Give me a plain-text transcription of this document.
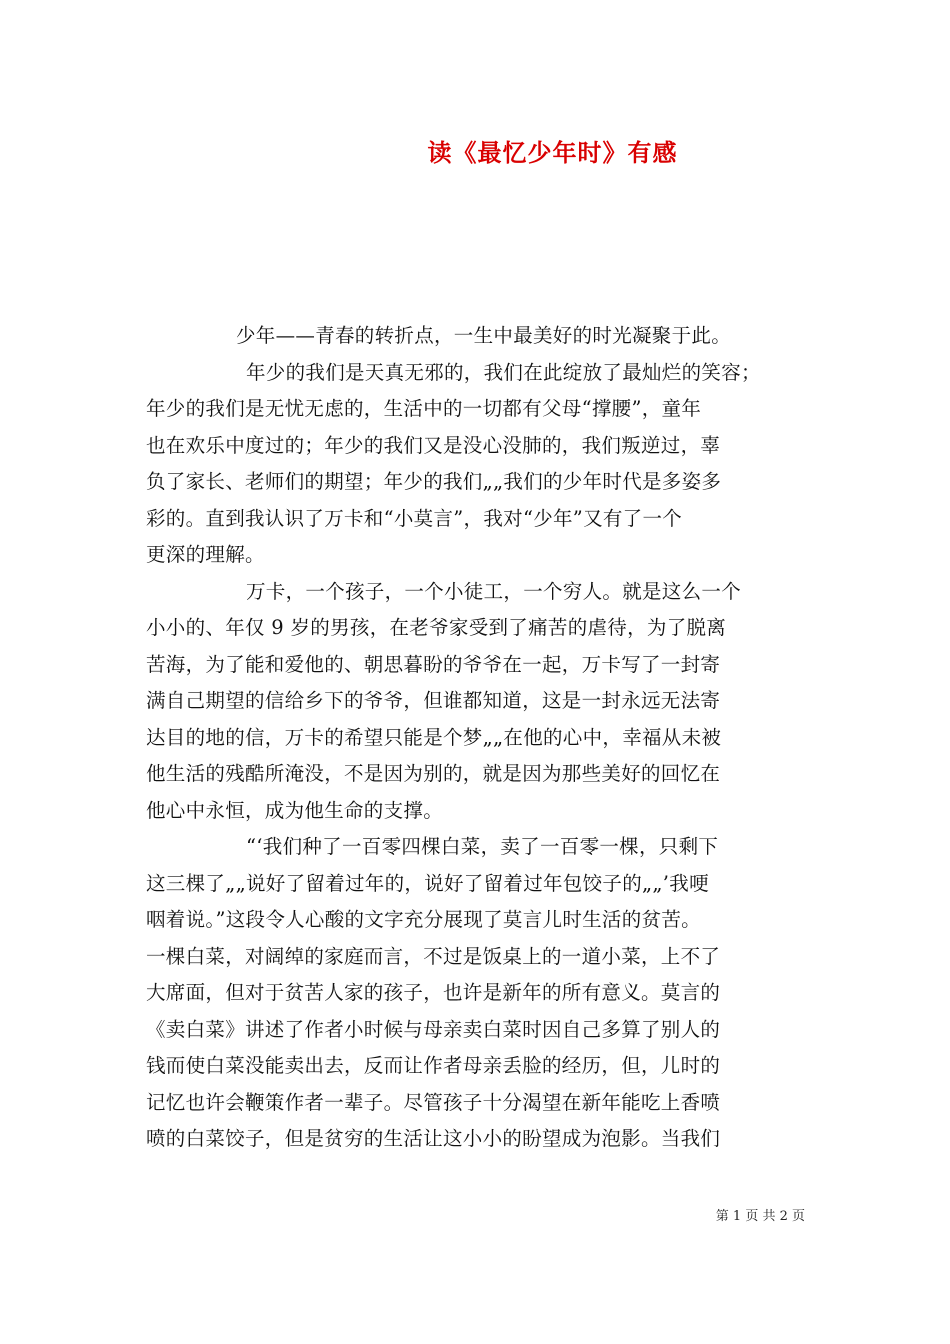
读《最忆少年时》有感
少年——青春的转折点，一生中最美好的时光凝聚于此。
年少的我们是天真无邪的，我们在此绽放了最灿烂的笑容；
年少的我们是无忧无虑的，生活中的一切都有父母“撑腰”，童年
也在欢乐中度过的；年少的我们又是没心没肺的，我们叛逆过，辜
负了家长、老师们的期望；年少的我们„„我们的少年时代是多姿多
彩的。直到我认识了万卡和“小莫言”，我对“少年”又有了一个
更深的理解。
万卡，一个孩子，一个小徒工，一个穷人。就是这么一个
小小的、年仅 9 岁的男孩，在老爷家受到了痛苦的虐待，为了脱离
苦海，为了能和爱他的、朝思暮盼的爷爷在一起，万卡写了一封寄
满自己期望的信给乡下的爷爷，但谁都知道，这是一封永远无法寄
达目的地的信，万卡的希望只能是个梦„„在他的心中，幸福从未被
他生活的残酷所淹没，不是因为别的，就是因为那些美好的回忆在
他心中永恒，成为他生命的支撑。
“‘我们种了一百零四棵白菜，卖了一百零一棵，只剩下
这三棵了„„说好了留着过年的，说好了留着过年包饺子的„„’我哽
咽着说。”这段令人心酸的文字充分展现了莫言儿时生活的贫苦。
一棵白菜，对阔绰的家庭而言，不过是饭桌上的一道小菜，上不了
大席面，但对于贫苦人家的孩子，也许是新年的所有意义。莫言的
《卖白菜》讲述了作者小时候与母亲卖白菜时因自己多算了别人的
钱而使白菜没能卖出去，反而让作者母亲丢脸的经历，但，儿时的
记忆也许会鞭策作者一辈子。尽管孩子十分渴望在新年能吃上香喷
喷的白菜饺子，但是贫穷的生活让这小小的盼望成为泡影。当我们
第 1 页 共 2 页
